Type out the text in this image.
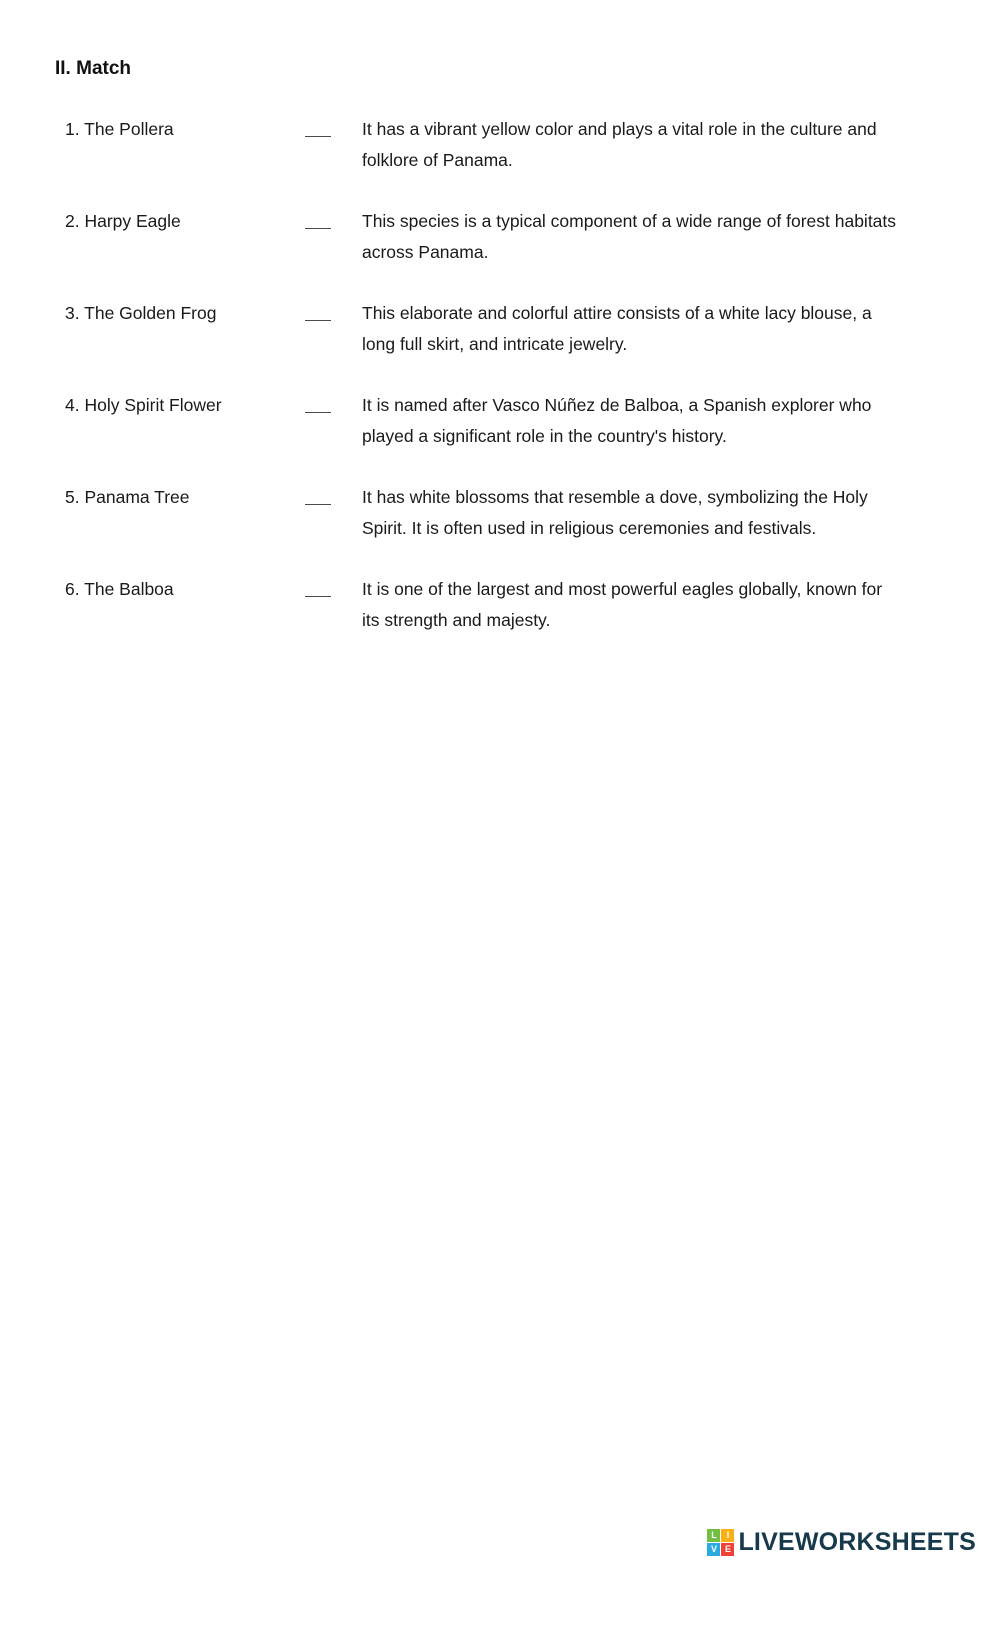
II. Match
1. The Pollera	It has a vibrant yellow color and plays a vital role in the culture and folklore of Panama.
2. Harpy Eagle	This species is a typical component of a wide range of forest habitats across Panama.
3. The Golden Frog	This elaborate and colorful attire consists of a white lacy blouse, a long full skirt, and intricate jewelry.
4. Holy Spirit Flower	It is named after Vasco Núñez de Balboa, a Spanish explorer who played a significant role in the country's history.
5. Panama Tree	It has white blossoms that resemble a dove, symbolizing the Holy Spirit. It is often used in religious ceremonies and festivals.
6. The Balboa	It is one of the largest and most powerful eagles globally, known for its strength and majesty.
L	I
V E LIVEWORKSHEETS
